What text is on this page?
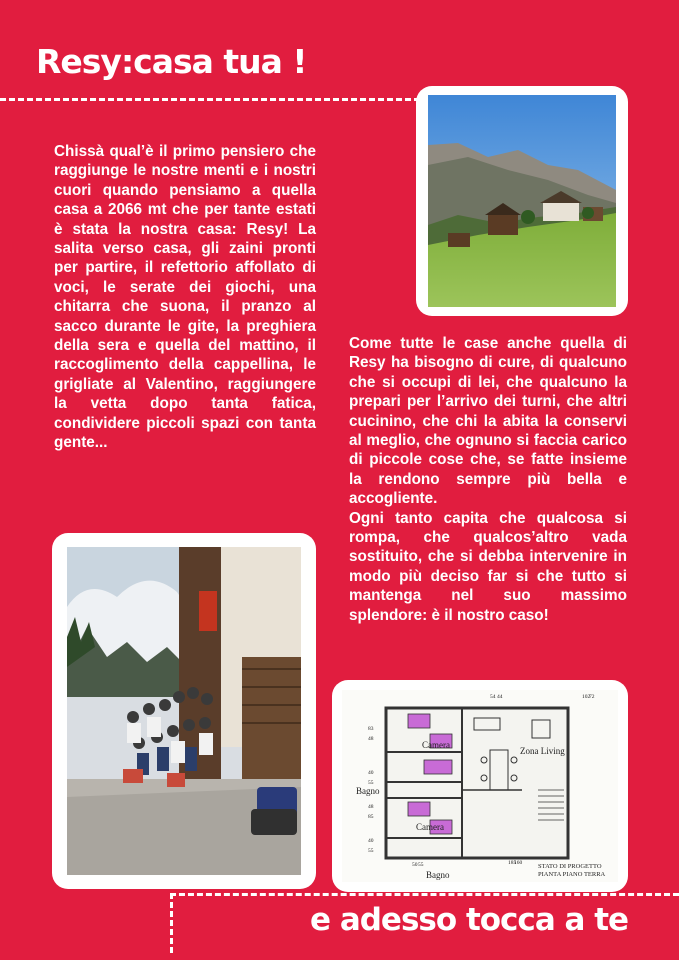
Resy:casa tua !

Chissà qual’è il primo pensiero che raggiunge le nostre menti e i nostri cuori quando pensiamo a quella casa a 2066 mt che per tante estati è stata la nostra casa: Resy! La salita verso casa, gli zaini pronti per partire, il refettorio affollato di voci, le serate dei giochi, una chitarra che suona, il pranzo al sacco durante le gite, la preghiera della sera e quella del mattino, il raccoglimento della cappellina, le grigliate al Valentino, raggiungere la vetta dopo tanta fatica, condividere piccoli spazi con tanta gente...

Come tutte le case anche quella di Resy ha bisogno di cure, di qualcuno che si occupi di lei, che qualcuno la prepari per l’arrivo dei turni, che altri cucinino, che chi la abita la conservi al meglio, che ognuno si faccia carico di piccole cose che, se fatte insieme la rendono sempre più bella e accogliente.

Ogni tanto capita che qualcosa si rompa, che qualcos’altro vada sostituito, che si debba intervenire in modo più deciso far si che tutto si mantenga nel suo massimo splendore: è il nostro caso!

Camera
Camera
Zona Living
Bagno
Bagno
STATO DI PROGETTO
PIANTA PIANO TERRA
54 44	102
72
83
48
40
55
48
85
40
55
185
160
50 55
e adesso tocca a te
